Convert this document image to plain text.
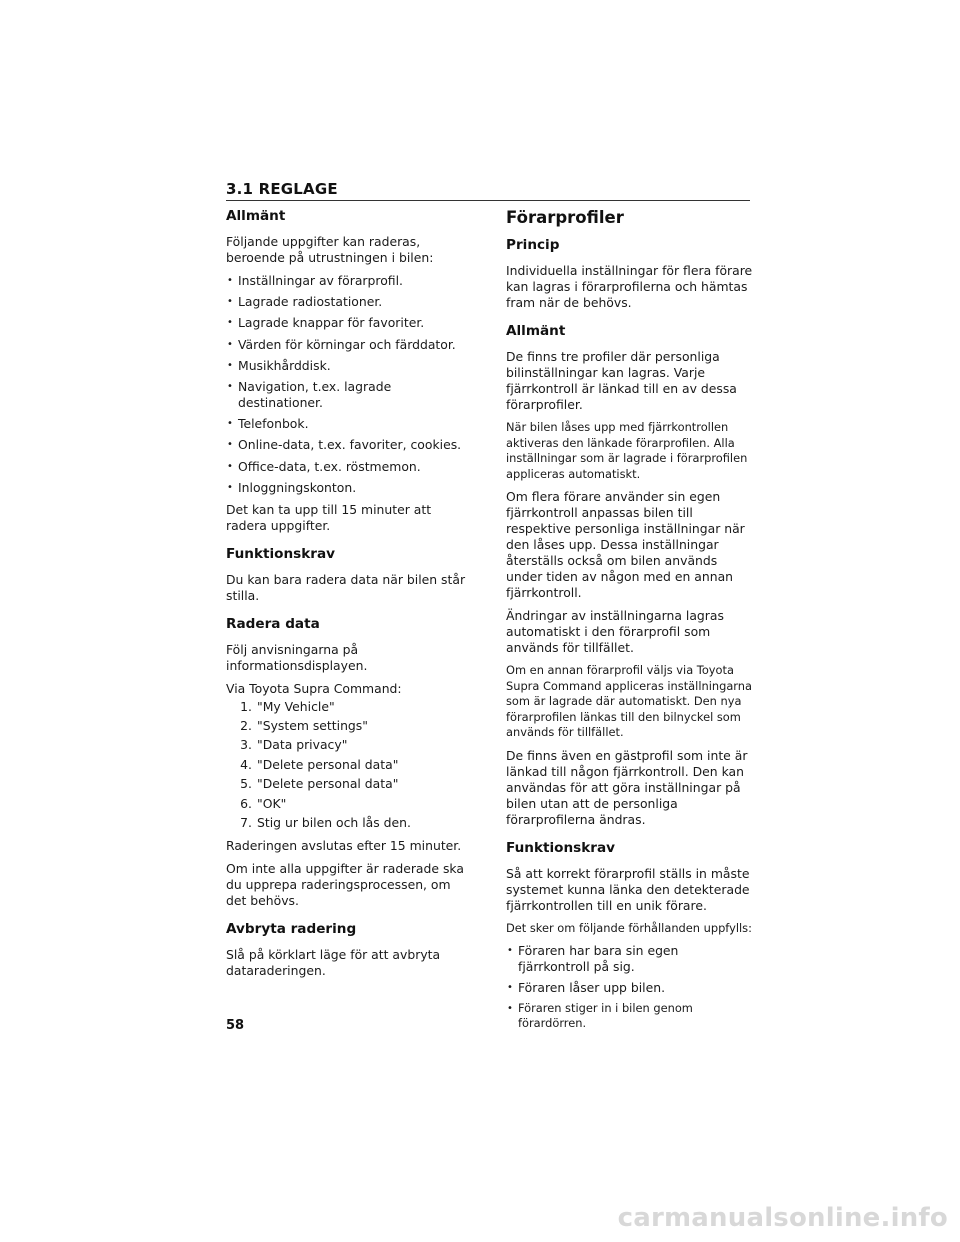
3.1 REGLAGE
Allmänt

Följande uppgifter kan raderas, beroende på utrustningen i bilen:

• Inställningar av förarprofil.
• Lagrade radiostationer.
• Lagrade knappar för favoriter.
• Värden för körningar och färddator.
• Musikhårddisk.
• Navigation, t.ex. lagrade destinationer.
• Telefonbok.
• Online-data, t.ex. favoriter, cookies.
• Office-data, t.ex. röstmemon.
• Inloggningskonton.

Det kan ta upp till 15 minuter att radera uppgifter.

Funktionskrav

Du kan bara radera data när bilen står stilla.

Radera data

Följ anvisningarna på informationsdisplayen.

Via Toyota Supra Command:

1. "My Vehicle"
2. "System settings"
3. "Data privacy"
4. "Delete personal data"
5. "Delete personal data"
6. "OK"
7. Stig ur bilen och lås den.

Raderingen avslutas efter 15 minuter.

Om inte alla uppgifter är raderade ska du upprepa raderingsprocessen, om det behövs.

Avbryta radering

Slå på körklart läge för att avbryta dataraderingen.

Förarprofiler
Princip

Individuella inställningar för flera förare kan lagras i förarprofilerna och hämtas fram när de behövs.

Allmänt

De finns tre profiler där personliga bilinställningar kan lagras. Varje fjärrkontroll är länkad till en av dessa förarprofiler.

När bilen låses upp med fjärrkontrollen aktiveras den länkade förarprofilen. Alla inställningar som är lagrade i förarprofilen appliceras automatiskt.

Om flera förare använder sin egen fjärrkontroll anpassas bilen till respektive personliga inställningar när den låses upp. Dessa inställningar återställs också om bilen används under tiden av någon med en annan fjärrkontroll.

Ändringar av inställningarna lagras automatiskt i den förarprofil som används för tillfället.

Om en annan förarprofil väljs via Toyota Supra Command appliceras inställningarna som är lagrade där automatiskt. Den nya förarprofilen länkas till den bilnyckel som används för tillfället.

De finns även en gästprofil som inte är länkad till någon fjärrkontroll. Den kan användas för att göra inställningar på bilen utan att de personliga förarprofilerna ändras.

Funktionskrav

Så att korrekt förarprofil ställs in måste systemet kunna länka den detekterade fjärrkontrollen till en unik förare.

Det sker om följande förhållanden uppfylls:

• Föraren har bara sin egen fjärrkontroll på sig.
• Föraren låser upp bilen.
• Föraren stiger in i bilen genom förardörren.
58
carmanualsonline.info
